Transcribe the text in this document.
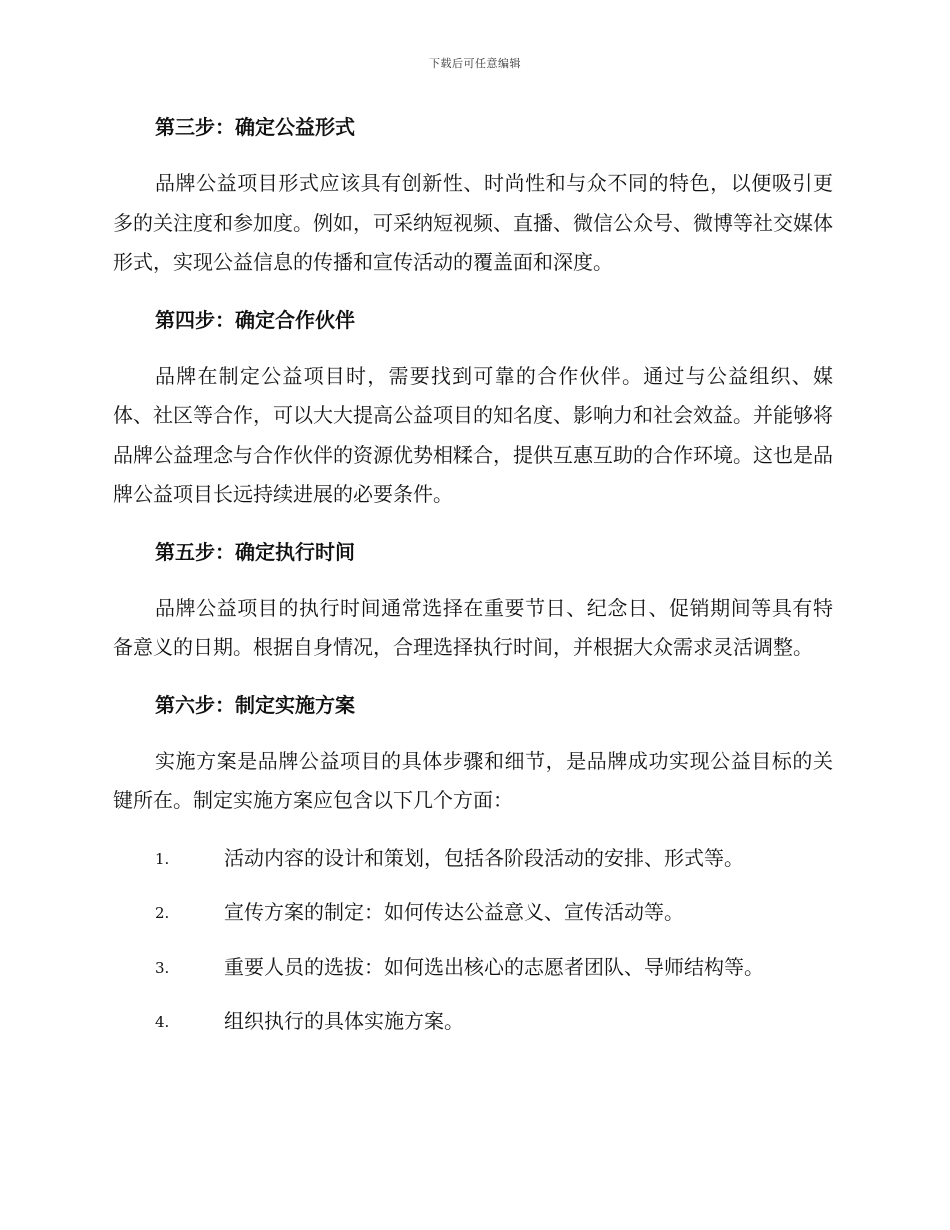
下载后可任意编辑
第三步：确定公益形式

品牌公益项目形式应该具有创新性、时尚性和与众不同的特色，以便吸引更多的关注度和参加度。例如，可采纳短视频、直播、微信公众号、微博等社交媒体形式，实现公益信息的传播和宣传活动的覆盖面和深度。

第四步：确定合作伙伴

品牌在制定公益项目时，需要找到可靠的合作伙伴。通过与公益组织、媒体、社区等合作，可以大大提高公益项目的知名度、影响力和社会效益。并能够将品牌公益理念与合作伙伴的资源优势相糅合，提供互惠互助的合作环境。这也是品牌公益项目长远持续进展的必要条件。

第五步：确定执行时间

品牌公益项目的执行时间通常选择在重要节日、纪念日、促销期间等具有特备意义的日期。根据自身情况，合理选择执行时间，并根据大众需求灵活调整。

第六步：制定实施方案

实施方案是品牌公益项目的具体步骤和细节，是品牌成功实现公益目标的关键所在。制定实施方案应包含以下几个方面：

1.	活动内容的设计和策划，包括各阶段活动的安排、形式等。
2.	宣传方案的制定：如何传达公益意义、宣传活动等。
3.	重要人员的选拔：如何选出核心的志愿者团队、导师结构等。
4.	组织执行的具体实施方案。
